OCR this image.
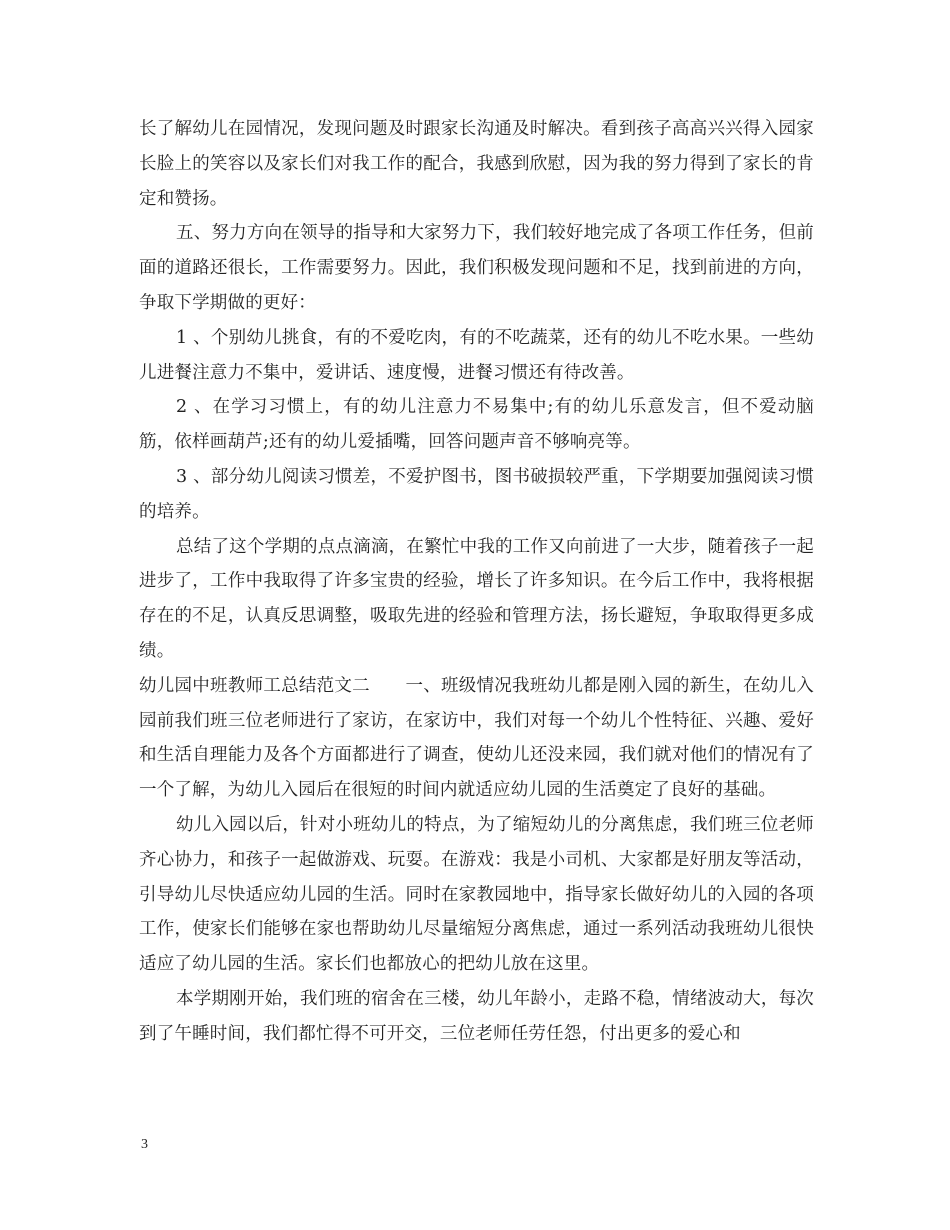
长了解幼儿在园情况，发现问题及时跟家长沟通及时解决。看到孩子高高兴兴得入园家长脸上的笑容以及家长们对我工作的配合，我感到欣慰，因为我的努力得到了家长的肯定和赞扬。

五、努力方向在领导的指导和大家努力下，我们较好地完成了各项工作任务，但前面的道路还很长，工作需要努力。因此，我们积极发现问题和不足，找到前进的方向，争取下学期做的更好：

1 、个别幼儿挑食，有的不爱吃肉，有的不吃蔬菜，还有的幼儿不吃水果。一些幼儿进餐注意力不集中，爱讲话、速度慢，进餐习惯还有待改善。

2 、在学习习惯上，有的幼儿注意力不易集中;有的幼儿乐意发言，但不爱动脑筋，依样画葫芦;还有的幼儿爱插嘴，回答问题声音不够响亮等。

3 、部分幼儿阅读习惯差，不爱护图书，图书破损较严重，下学期要加强阅读习惯的培养。

总结了这个学期的点点滴滴，在繁忙中我的工作又向前进了一大步，随着孩子一起进步了，工作中我取得了许多宝贵的经验，增长了许多知识。在今后工作中，我将根据存在的不足，认真反思调整，吸取先进的经验和管理方法，扬长避短，争取取得更多成绩。

幼儿园中班教师工总结范文二　　一、班级情况我班幼儿都是刚入园的新生，在幼儿入园前我们班三位老师进行了家访，在家访中，我们对每一个幼儿个性特征、兴趣、爱好和生活自理能力及各个方面都进行了调查，使幼儿还没来园，我们就对他们的情况有了一个了解，为幼儿入园后在很短的时间内就适应幼儿园的生活奠定了良好的基础。

幼儿入园以后，针对小班幼儿的特点，为了缩短幼儿的分离焦虑，我们班三位老师齐心协力，和孩子一起做游戏、玩耍。在游戏：我是小司机、大家都是好朋友等活动，引导幼儿尽快适应幼儿园的生活。同时在家教园地中，指导家长做好幼儿的入园的各项工作，使家长们能够在家也帮助幼儿尽量缩短分离焦虑，通过一系列活动我班幼儿很快适应了幼儿园的生活。家长们也都放心的把幼儿放在这里。

本学期刚开始，我们班的宿舍在三楼，幼儿年龄小，走路不稳，情绪波动大，每次到了午睡时间，我们都忙得不可开交，三位老师任劳任怨，付出更多的爱心和

3
